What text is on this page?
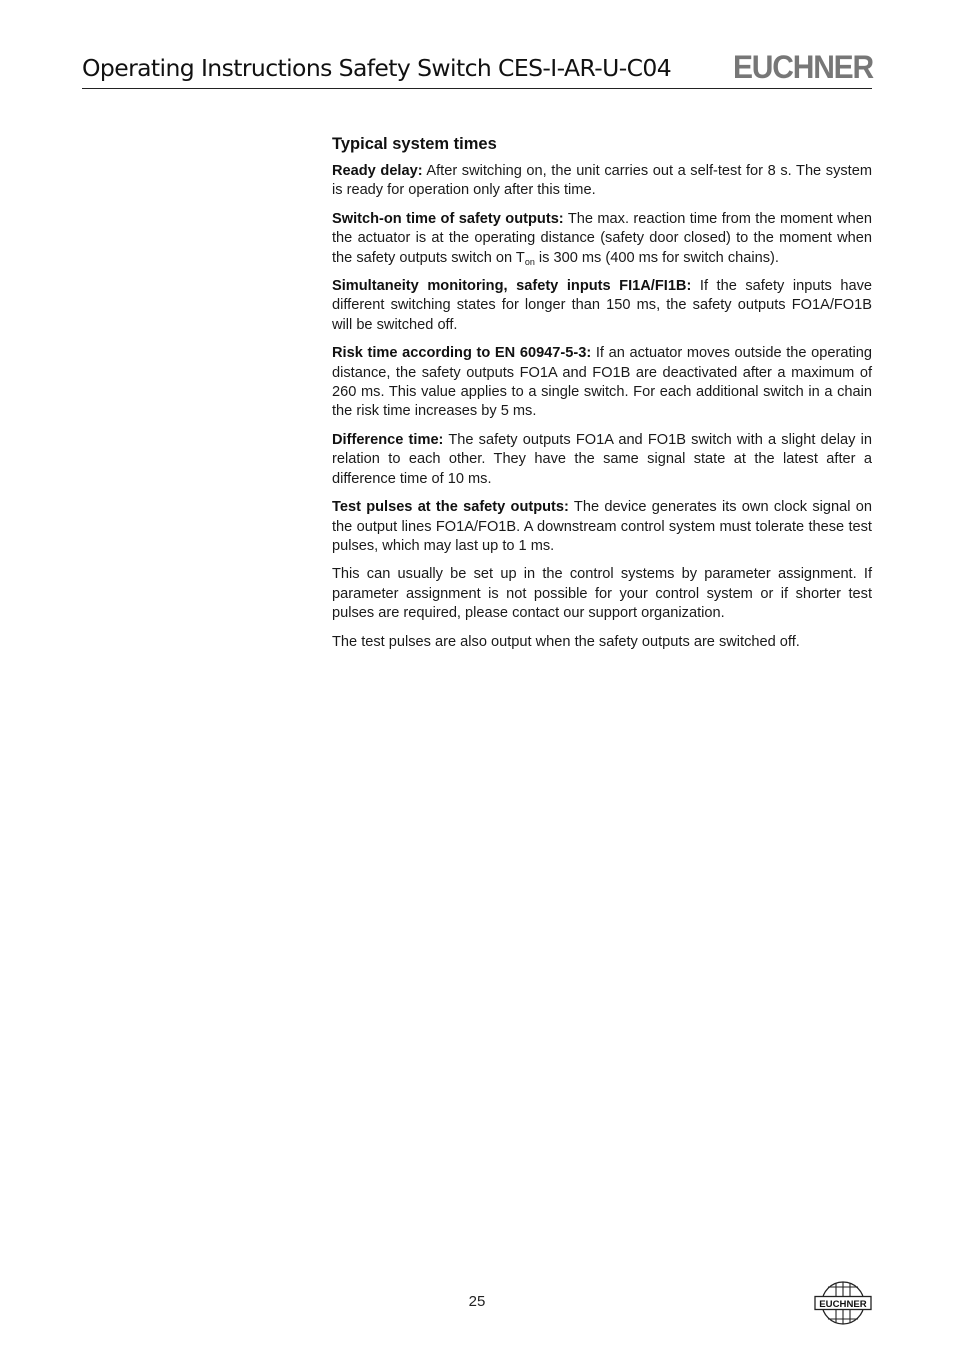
Operating Instructions Safety Switch CES-I-AR-U-C04 EUCHNER
Typical system times

Ready delay: After switching on, the unit carries out a self-test for 8 s. The system is ready for operation only after this time.

Switch-on time of safety outputs: The max. reaction time from the moment when the actuator is at the operating distance (safety door closed) to the moment when the safety outputs switch on $T_{on}$ is 300 ms (400 ms for switch chains).

Simultaneity monitoring, safety inputs FI1A/FI1B: If the safety inputs have different switching states for longer than 150 ms, the safety outputs FO1A/FO1B will be switched off.

Risk time according to EN 60947-5-3: If an actuator moves outside the operating distance, the safety outputs FO1A and FO1B are deactivated after a maximum of 260 ms. This value applies to a single switch. For each additional switch in a chain the risk time increases by 5 ms.

Difference time: The safety outputs FO1A and FO1B switch with a slight delay in relation to each other. They have the same signal state at the latest after a difference time of 10 ms.

Test pulses at the safety outputs: The device generates its own clock signal on the output lines FO1A/FO1B. A downstream control system must tolerate these test pulses, which may last up to 1 ms.

This can usually be set up in the control systems by parameter assignment. If parameter assignment is not possible for your control system or if shorter test pulses are required, please contact our support organization.

The test pulses are also output when the safety outputs are switched off.

25	EUCHNER
